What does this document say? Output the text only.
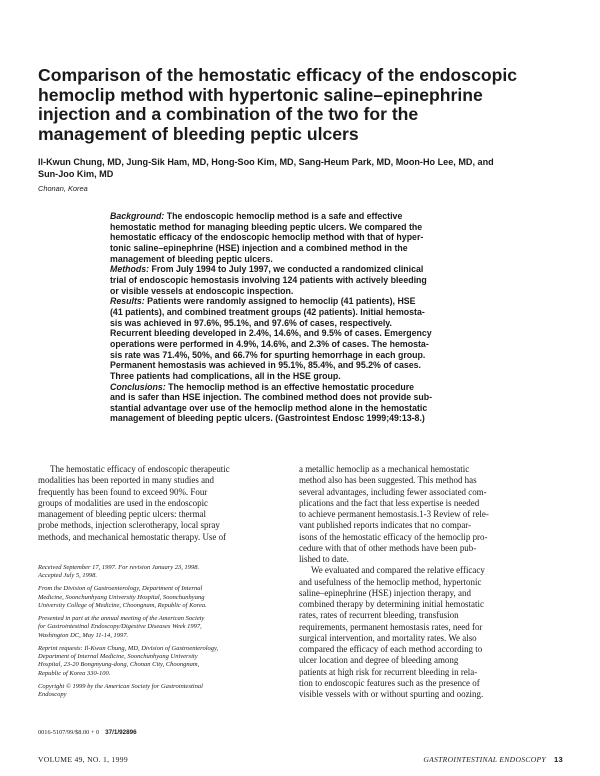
Comparison of the hemostatic efficacy of the endoscopic
hemoclip method with hypertonic saline–epinephrine
injection and a combination of the two for the
management of bleeding peptic ulcers
Il-Kwun Chung, MD, Jung-Sik Ham, MD, Hong-Soo Kim, MD, Sang-Heum Park, MD, Moon-Ho Lee, MD, and
Sun-Joo Kim, MD
Chonan, Korea
Background: The endoscopic hemoclip method is a safe and effective
hemostatic method for managing bleeding peptic ulcers. We compared the
hemostatic efficacy of the endoscopic hemoclip method with that of hyper-
tonic saline–epinephrine (HSE) injection and a combined method in the
management of bleeding peptic ulcers.
Methods: From July 1994 to July 1997, we conducted a randomized clinical
trial of endoscopic hemostasis involving 124 patients with actively bleeding
or visible vessels at endoscopic inspection.
Results: Patients were randomly assigned to hemoclip (41 patients), HSE
(41 patients), and combined treatment groups (42 patients). Initial hemosta-
sis was achieved in 97.6%, 95.1%, and 97.6% of cases, respectively.
Recurrent bleeding developed in 2.4%, 14.6%, and 9.5% of cases. Emergency
operations were performed in 4.9%, 14.6%, and 2.3% of cases. The hemosta-
sis rate was 71.4%, 50%, and 66.7% for spurting hemorrhage in each group.
Permanent hemostasis was achieved in 95.1%, 85.4%, and 95.2% of cases.
Three patients had complications, all in the HSE group.
Conclusions: The hemoclip method is an effective hemostatic procedure
and is safer than HSE injection. The combined method does not provide sub-
stantial advantage over use of the hemoclip method alone in the hemostatic
management of bleeding peptic ulcers. (Gastrointest Endosc 1999;49:13-8.)
The hemostatic efficacy of endoscopic therapeutic
modalities has been reported in many studies and
frequently has been found to exceed 90%. Four
groups of modalities are used in the endoscopic
management of bleeding peptic ulcers: thermal
probe methods, injection sclerotherapy, local spray
methods, and mechanical hemostatic therapy. Use of

Received September 17, 1997. For revision January 23, 1998.
Accepted July 5, 1998.

From the Division of Gastroenterology, Department of Internal
Medicine, Soonchunhyang University Hospital, Soonchunhyang
University College of Medicine, Choongnam, Republic of Korea.

Presented in part at the annual meeting of the American Society
for Gastrointestinal Endoscopy/Digestive Diseases Week 1997,
Washington DC, May 11-14, 1997.

Reprint requests: Il-Kwun Chung, MD, Division of Gastroenterology,
Department of Internal Medicine, Soonchunhyang University
Hospital, 23-20 Bongmyung-dong, Chonan City, Choongnam,
Republic of Korea 330-100.

Copyright © 1999 by the American Society for Gastrointestinal
Endoscopy

0016-5107/99/$8.00 + 0 37/1/92896
a metallic hemoclip as a mechanical hemostatic
method also has been suggested. This method has
several advantages, including fewer associated com-
plications and the fact that less expertise is needed
to achieve permanent hemostasis.1-3 Review of rele-
vant published reports indicates that no compar-
isons of the hemostatic efficacy of the hemoclip pro-
cedure with that of other methods have been pub-
lished to date.
We evaluated and compared the relative efficacy
and usefulness of the hemoclip method, hypertonic
saline–epinephrine (HSE) injection therapy, and
combined therapy by determining initial hemostatic
rates, rates of recurrent bleeding, transfusion
requirements, permanent hemostasis rates, need for
surgical intervention, and mortality rates. We also
compared the efficacy of each method according to
ulcer location and degree of bleeding among
patients at high risk for recurrent bleeding in rela-
tion to endoscopic features such as the presence of
visible vessels with or without spurting and oozing.
VOLUME 49, NO. 1, 1999	GASTROINTESTINAL ENDOSCOPY 13
